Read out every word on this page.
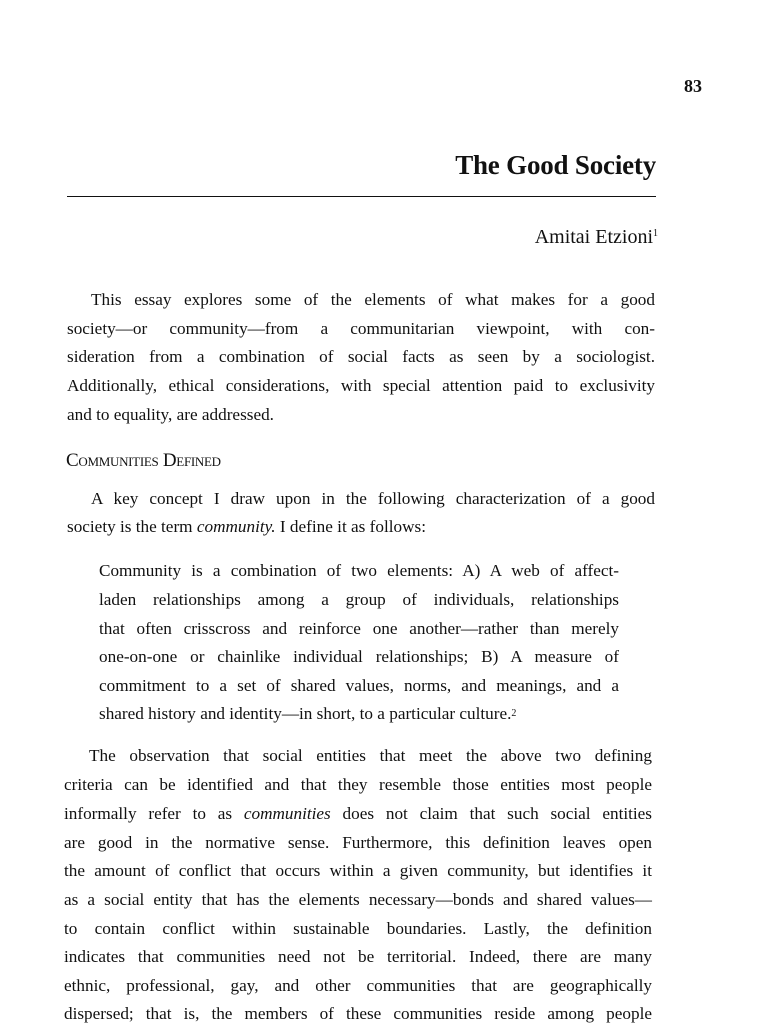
83
The Good Society
Amitai Etzioni$^1$
This essay explores some of the elements of what makes for a good
society—or community—from a communitarian viewpoint, with con-
sideration from a combination of social facts as seen by a sociologist.
Additionally, ethical considerations, with special attention paid to exclusivity
and to equality, are addressed.
Communities Defined
A key concept I draw upon in the following characterization of a good
society is the term community. I define it as follows:
Community is a combination of two elements: A) A web of affect-
laden relationships among a group of individuals, relationships
that often crisscross and reinforce one another—rather than merely
one-on-one or chainlike individual relationships; B) A measure of
commitment to a set of shared values, norms, and meanings, and a
shared history and identity—in short, to a particular culture.$^2$
The observation that social entities that meet the above two defining
criteria can be identified and that they resemble those entities most people
informally refer to as communities does not claim that such social entities
are good in the normative sense. Furthermore, this definition leaves open
the amount of conflict that occurs within a given community, but identifies it
as a social entity that has the elements necessary—bonds and shared values—
to contain conflict within sustainable boundaries. Lastly, the definition
indicates that communities need not be territorial. Indeed, there are many
ethnic, professional, gay, and other communities that are geographically
dispersed; that is, the members of these communities reside among people
